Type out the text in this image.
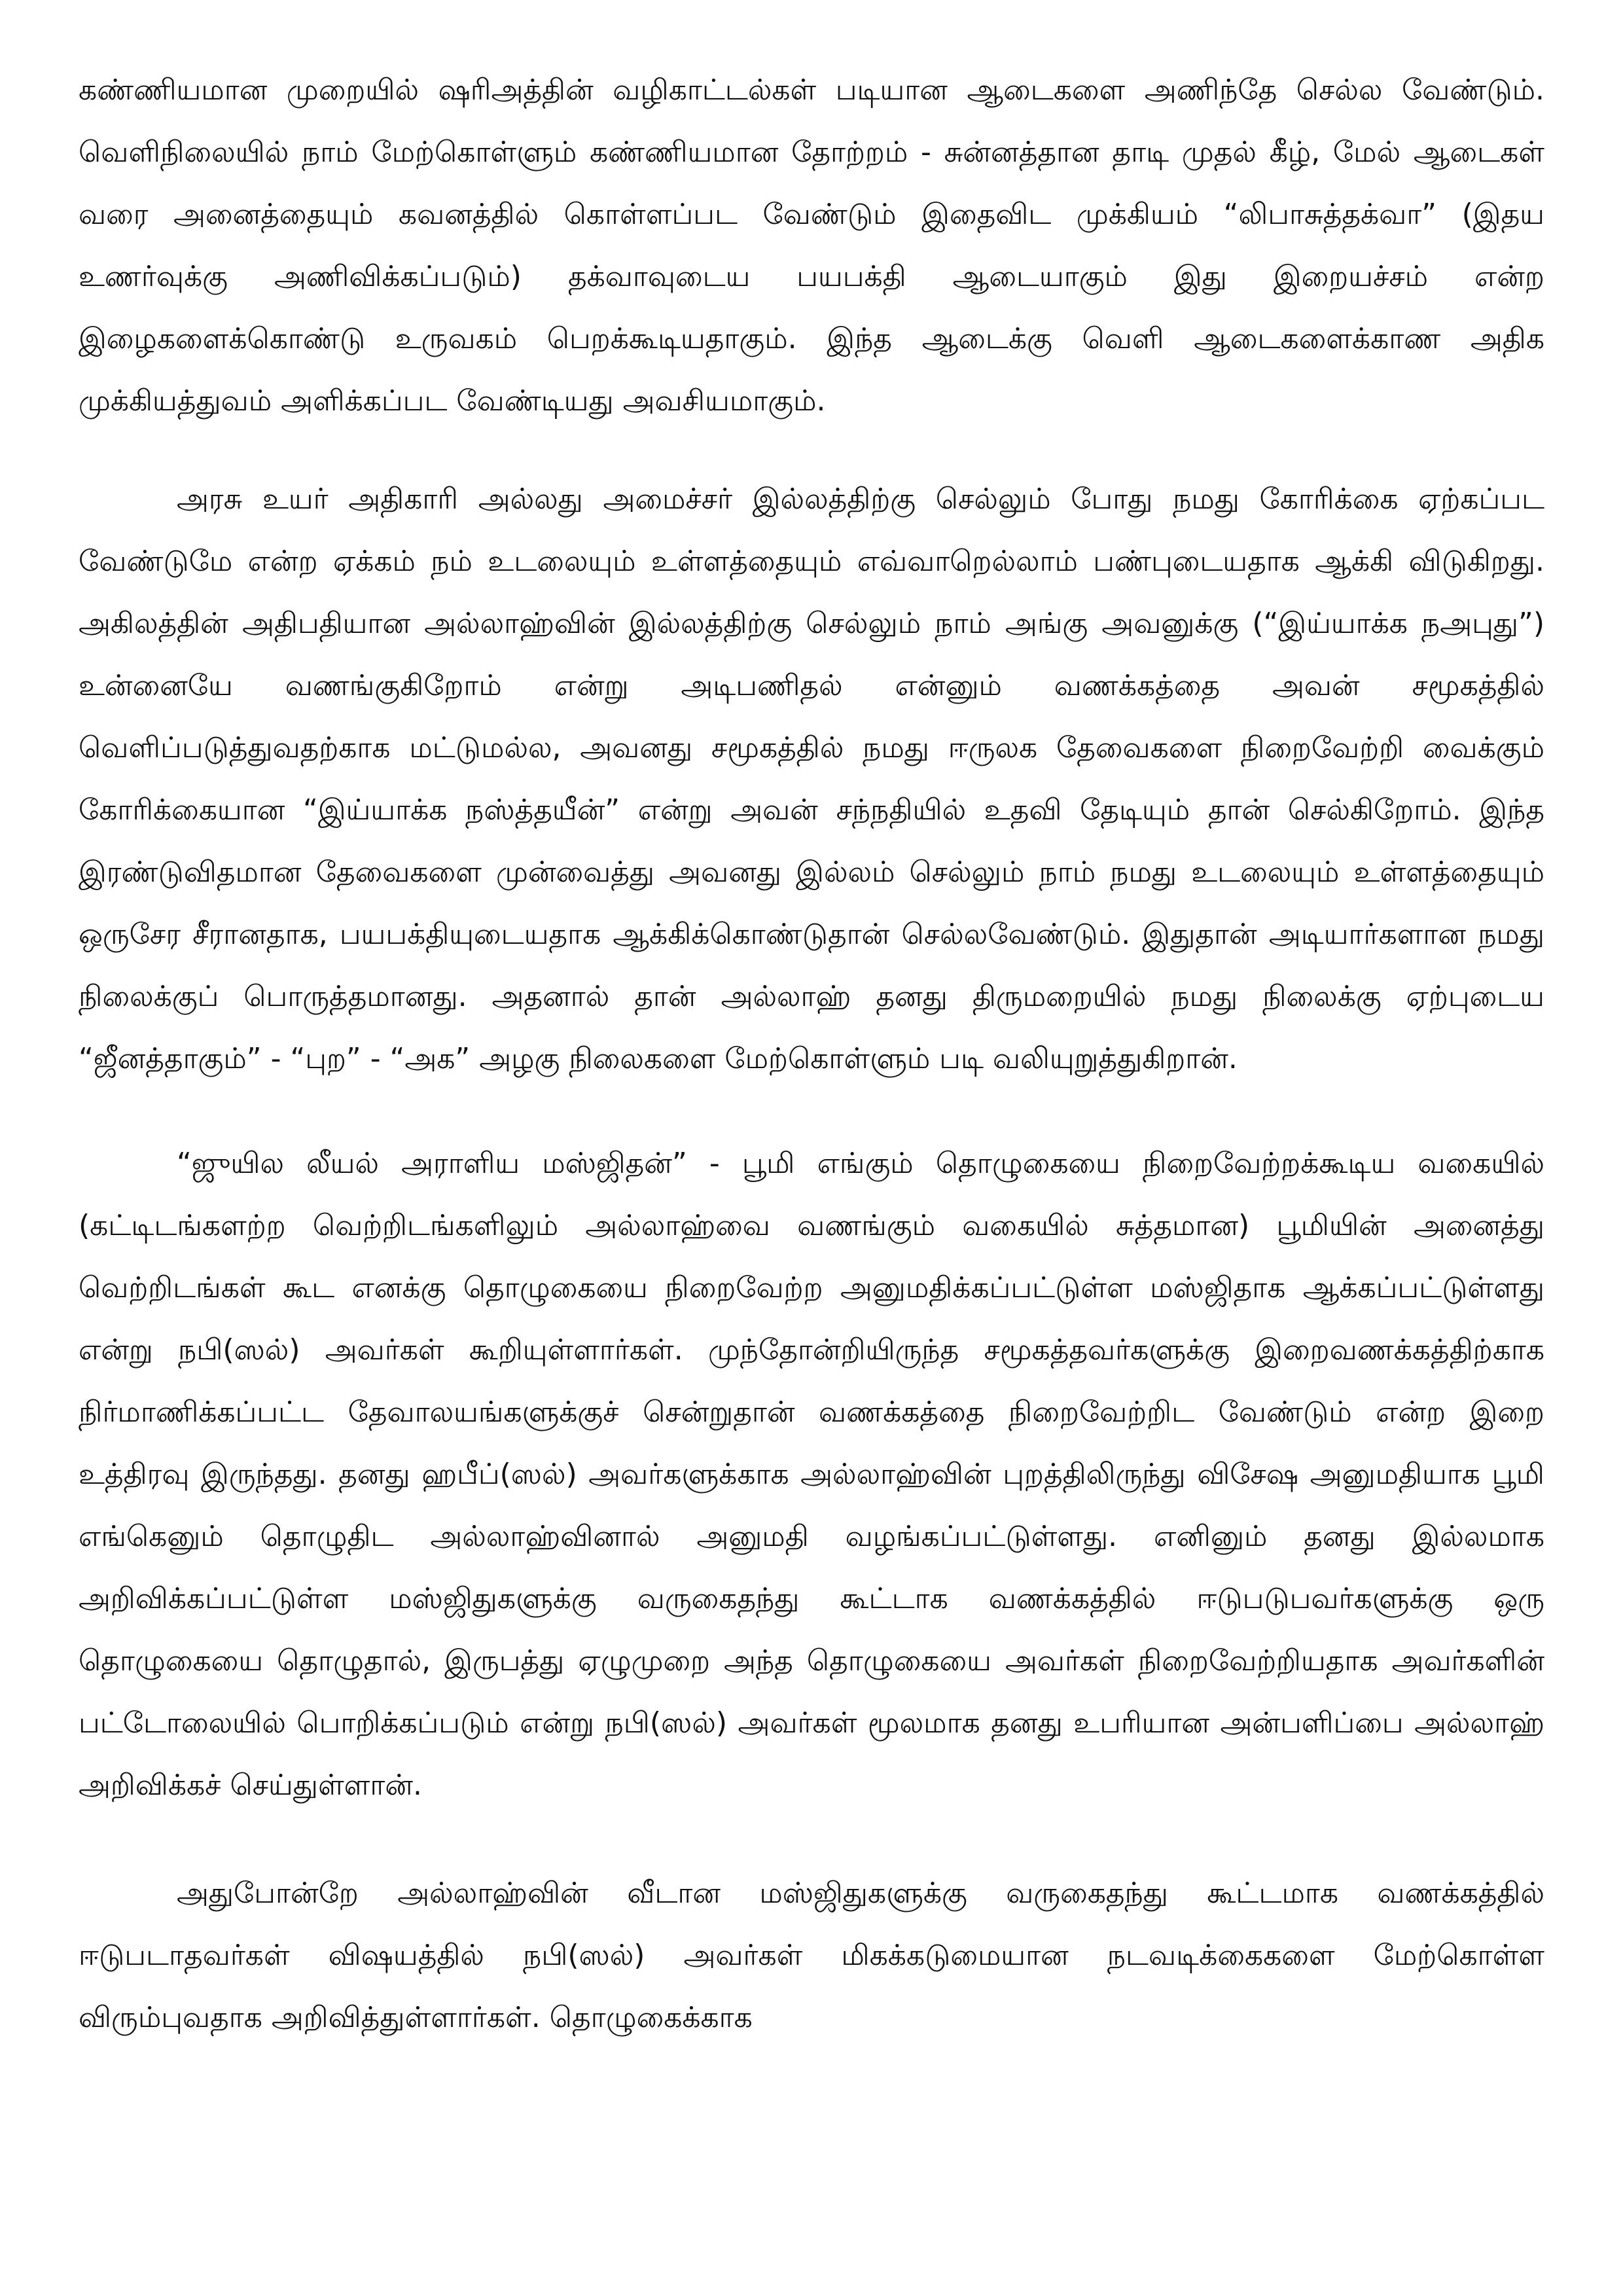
கண்ணியமான முறையில் ஷரிஅத்தின் வழிகாட்டல்கள் படியான ஆடைகளை அணிந்தே செல்ல வேண்டும். வெளிநிலையில் நாம் மேற்கொள்ளும் கண்ணியமான தோற்றம் - சுன்னத்தான தாடி முதல் கீழ், மேல் ஆடைகள் வரை அனைத்தையும் கவனத்தில் கொள்ளப்பட வேண்டும் இதைவிட முக்கியம் “லிபாசுத்தக்வா” (இதய உணர்வுக்கு அணிவிக்கப்படும்) தக்வாவுடைய பயபக்தி ஆடையாகும் இது இறையச்சம் என்ற இழைகளைக்கொண்டு உருவகம் பெறக்கூடியதாகும். இந்த ஆடைக்கு வெளி ஆடைகளைக்காண அதிக முக்கியத்துவம் அளிக்கப்பட வேண்டியது அவசியமாகும்.

அரசு உயர் அதிகாரி அல்லது அமைச்சர் இல்லத்திற்கு செல்லும் போது நமது கோரிக்கை ஏற்கப்பட வேண்டுமே என்ற ஏக்கம் நம் உடலையும் உள்ளத்தையும் எவ்வாறெல்லாம் பண்புடையதாக ஆக்கி விடுகிறது. அகிலத்தின் அதிபதியான அல்லாஹ்வின் இல்லத்திற்கு செல்லும் நாம் அங்கு அவனுக்கு (“இய்யாக்க நஅபுது”) உன்னையே வணங்குகிறோம் என்று அடிபணிதல் என்னும் வணக்கத்தை அவன் சமூகத்தில் வெளிப்படுத்துவதற்காக மட்டுமல்ல, அவனது சமூகத்தில் நமது ஈருலக தேவைகளை நிறைவேற்றி வைக்கும் கோரிக்கையான “இய்யாக்க நஸ்த்தயீன்” என்று அவன் சந்நதியில் உதவி தேடியும் தான் செல்கிறோம். இந்த இரண்டுவிதமான தேவைகளை முன்வைத்து அவனது இல்லம் செல்லும் நாம் நமது உடலையும் உள்ளத்தையும் ஒருசேர சீரானதாக, பயபக்தியுடையதாக ஆக்கிக்கொண்டுதான் செல்லவேண்டும். இதுதான் அடியார்களான நமது நிலைக்குப் பொருத்தமானது. அதனால் தான் அல்லாஹ் தனது திருமறையில் நமது நிலைக்கு ஏற்புடைய “ஜீனத்தாகும்” - “புற” - “அக” அழகு நிலைகளை மேற்கொள்ளும் படி வலியுறுத்துகிறான்.

“ஜுயில லீயல் அராளிய மஸ்ஜிதன்” - பூமி எங்கும் தொழுகையை நிறைவேற்றக்கூடிய வகையில் (கட்டிடங்களற்ற வெற்றிடங்களிலும் அல்லாஹ்வை வணங்கும் வகையில் சுத்தமான) பூமியின் அனைத்து வெற்றிடங்கள் கூட எனக்கு தொழுகையை நிறைவேற்ற அனுமதிக்கப்பட்டுள்ள மஸ்ஜிதாக ஆக்கப்பட்டுள்ளது என்று நபி(ஸல்) அவர்கள் கூறியுள்ளார்கள். முந்தோன்றியிருந்த சமூகத்தவர்களுக்கு இறைவணக்கத்திற்காக நிர்மாணிக்கப்பட்ட தேவாலயங்களுக்குச் சென்றுதான் வணக்கத்தை நிறைவேற்றிட வேண்டும் என்ற இறை உத்திரவு இருந்தது. தனது ஹபீப்(ஸல்) அவர்களுக்காக அல்லாஹ்வின் புறத்திலிருந்து விசேஷ அனுமதியாக பூமி எங்கெனும் தொழுதிட அல்லாஹ்வினால் அனுமதி வழங்கப்பட்டுள்ளது. எனினும் தனது இல்லமாக அறிவிக்கப்பட்டுள்ள மஸ்ஜிதுகளுக்கு வருகைதந்து கூட்டாக வணக்கத்தில் ஈடுபடுபவர்களுக்கு ஒரு தொழுகையை தொழுதால், இருபத்து ஏழுமுறை அந்த தொழுகையை அவர்கள் நிறைவேற்றியதாக அவர்களின் பட்டோலையில் பொறிக்கப்படும் என்று நபி(ஸல்) அவர்கள் மூலமாக தனது உபரியான அன்பளிப்பை அல்லாஹ் அறிவிக்கச் செய்துள்ளான்.

அதுபோன்றே அல்லாஹ்வின் வீடான மஸ்ஜிதுகளுக்கு வருகைதந்து கூட்டமாக வணக்கத்தில் ஈடுபடாதவர்கள் விஷயத்தில் நபி(ஸல்) அவர்கள் மிகக்கடுமையான நடவடிக்கைகளை மேற்கொள்ள விரும்புவதாக அறிவித்துள்ளார்கள். தொழுகைக்காக
